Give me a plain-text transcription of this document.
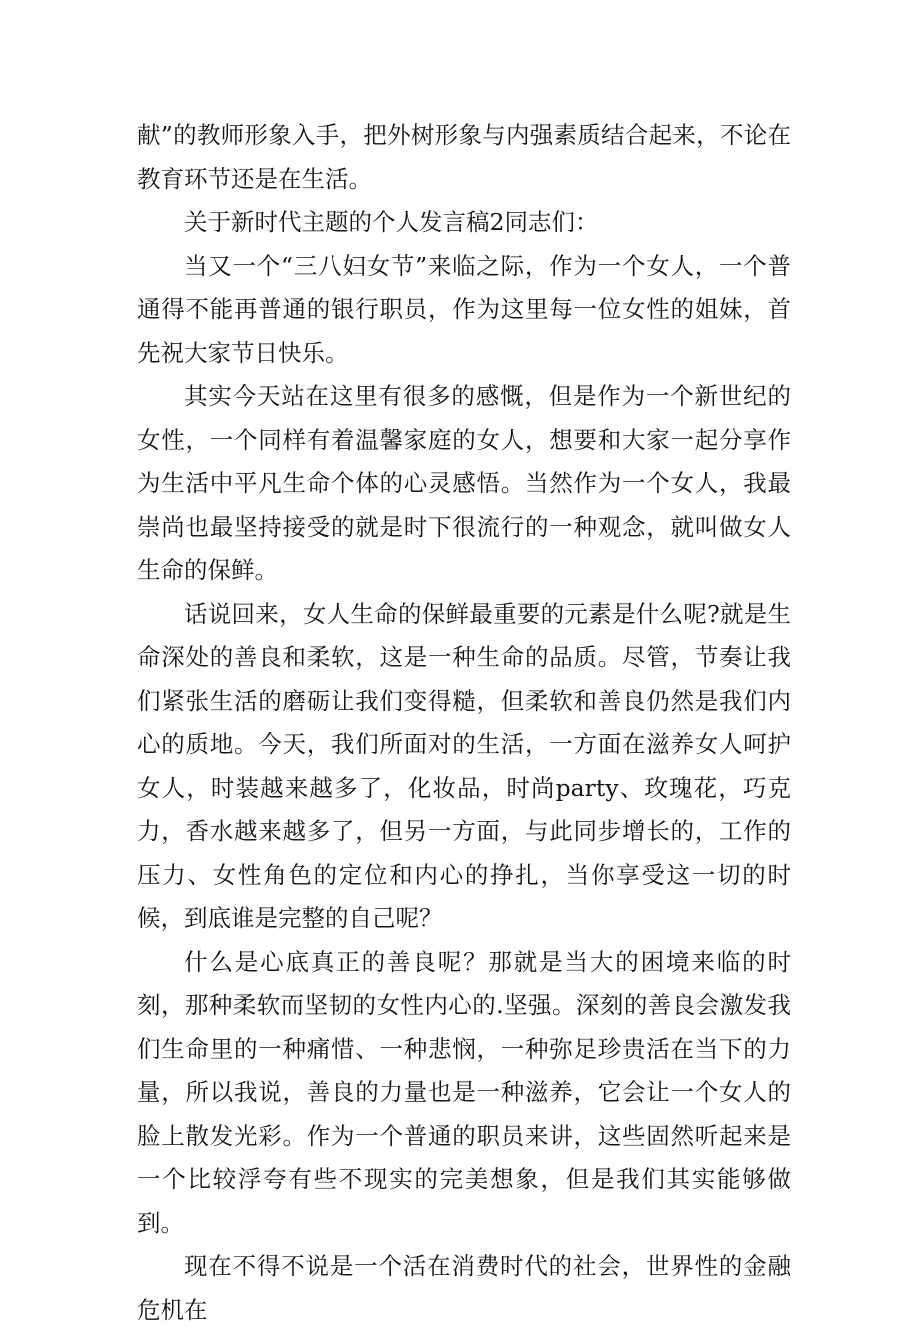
献”的教师形象入手，把外树形象与内强素质结合起来，不论在教育环节还是在生活。

关于新时代主题的个人发言稿2同志们：

当又一个“三八妇女节”来临之际，作为一个女人，一个普通得不能再普通的银行职员，作为这里每一位女性的姐妹，首先祝大家节日快乐。

其实今天站在这里有很多的感慨，但是作为一个新世纪的女性，一个同样有着温馨家庭的女人，想要和大家一起分享作为生活中平凡生命个体的心灵感悟。当然作为一个女人，我最崇尚也最坚持接受的就是时下很流行的一种观念，就叫做女人生命的保鲜。

话说回来，女人生命的保鲜最重要的元素是什么呢?就是生命深处的善良和柔软，这是一种生命的品质。尽管，节奏让我们紧张生活的磨砺让我们变得糙，但柔软和善良仍然是我们内心的质地。今天，我们所面对的生活，一方面在滋养女人呵护女人，时装越来越多了，化妆品，时尚party、玫瑰花，巧克力，香水越来越多了，但另一方面，与此同步增长的，工作的压力、女性角色的定位和内心的挣扎，当你享受这一切的时候，到底谁是完整的自己呢？

什么是心底真正的善良呢？那就是当大的困境来临的时刻，那种柔软而坚韧的女性内心的.坚强。深刻的善良会激发我们生命里的一种痛惜、一种悲悯，一种弥足珍贵活在当下的力量，所以我说，善良的力量也是一种滋养，它会让一个女人的脸上散发光彩。作为一个普通的职员来讲，这些固然听起来是一个比较浮夸有些不现实的完美想象，但是我们其实能够做到。

现在不得不说是一个活在消费时代的社会，世界性的金融危机在
